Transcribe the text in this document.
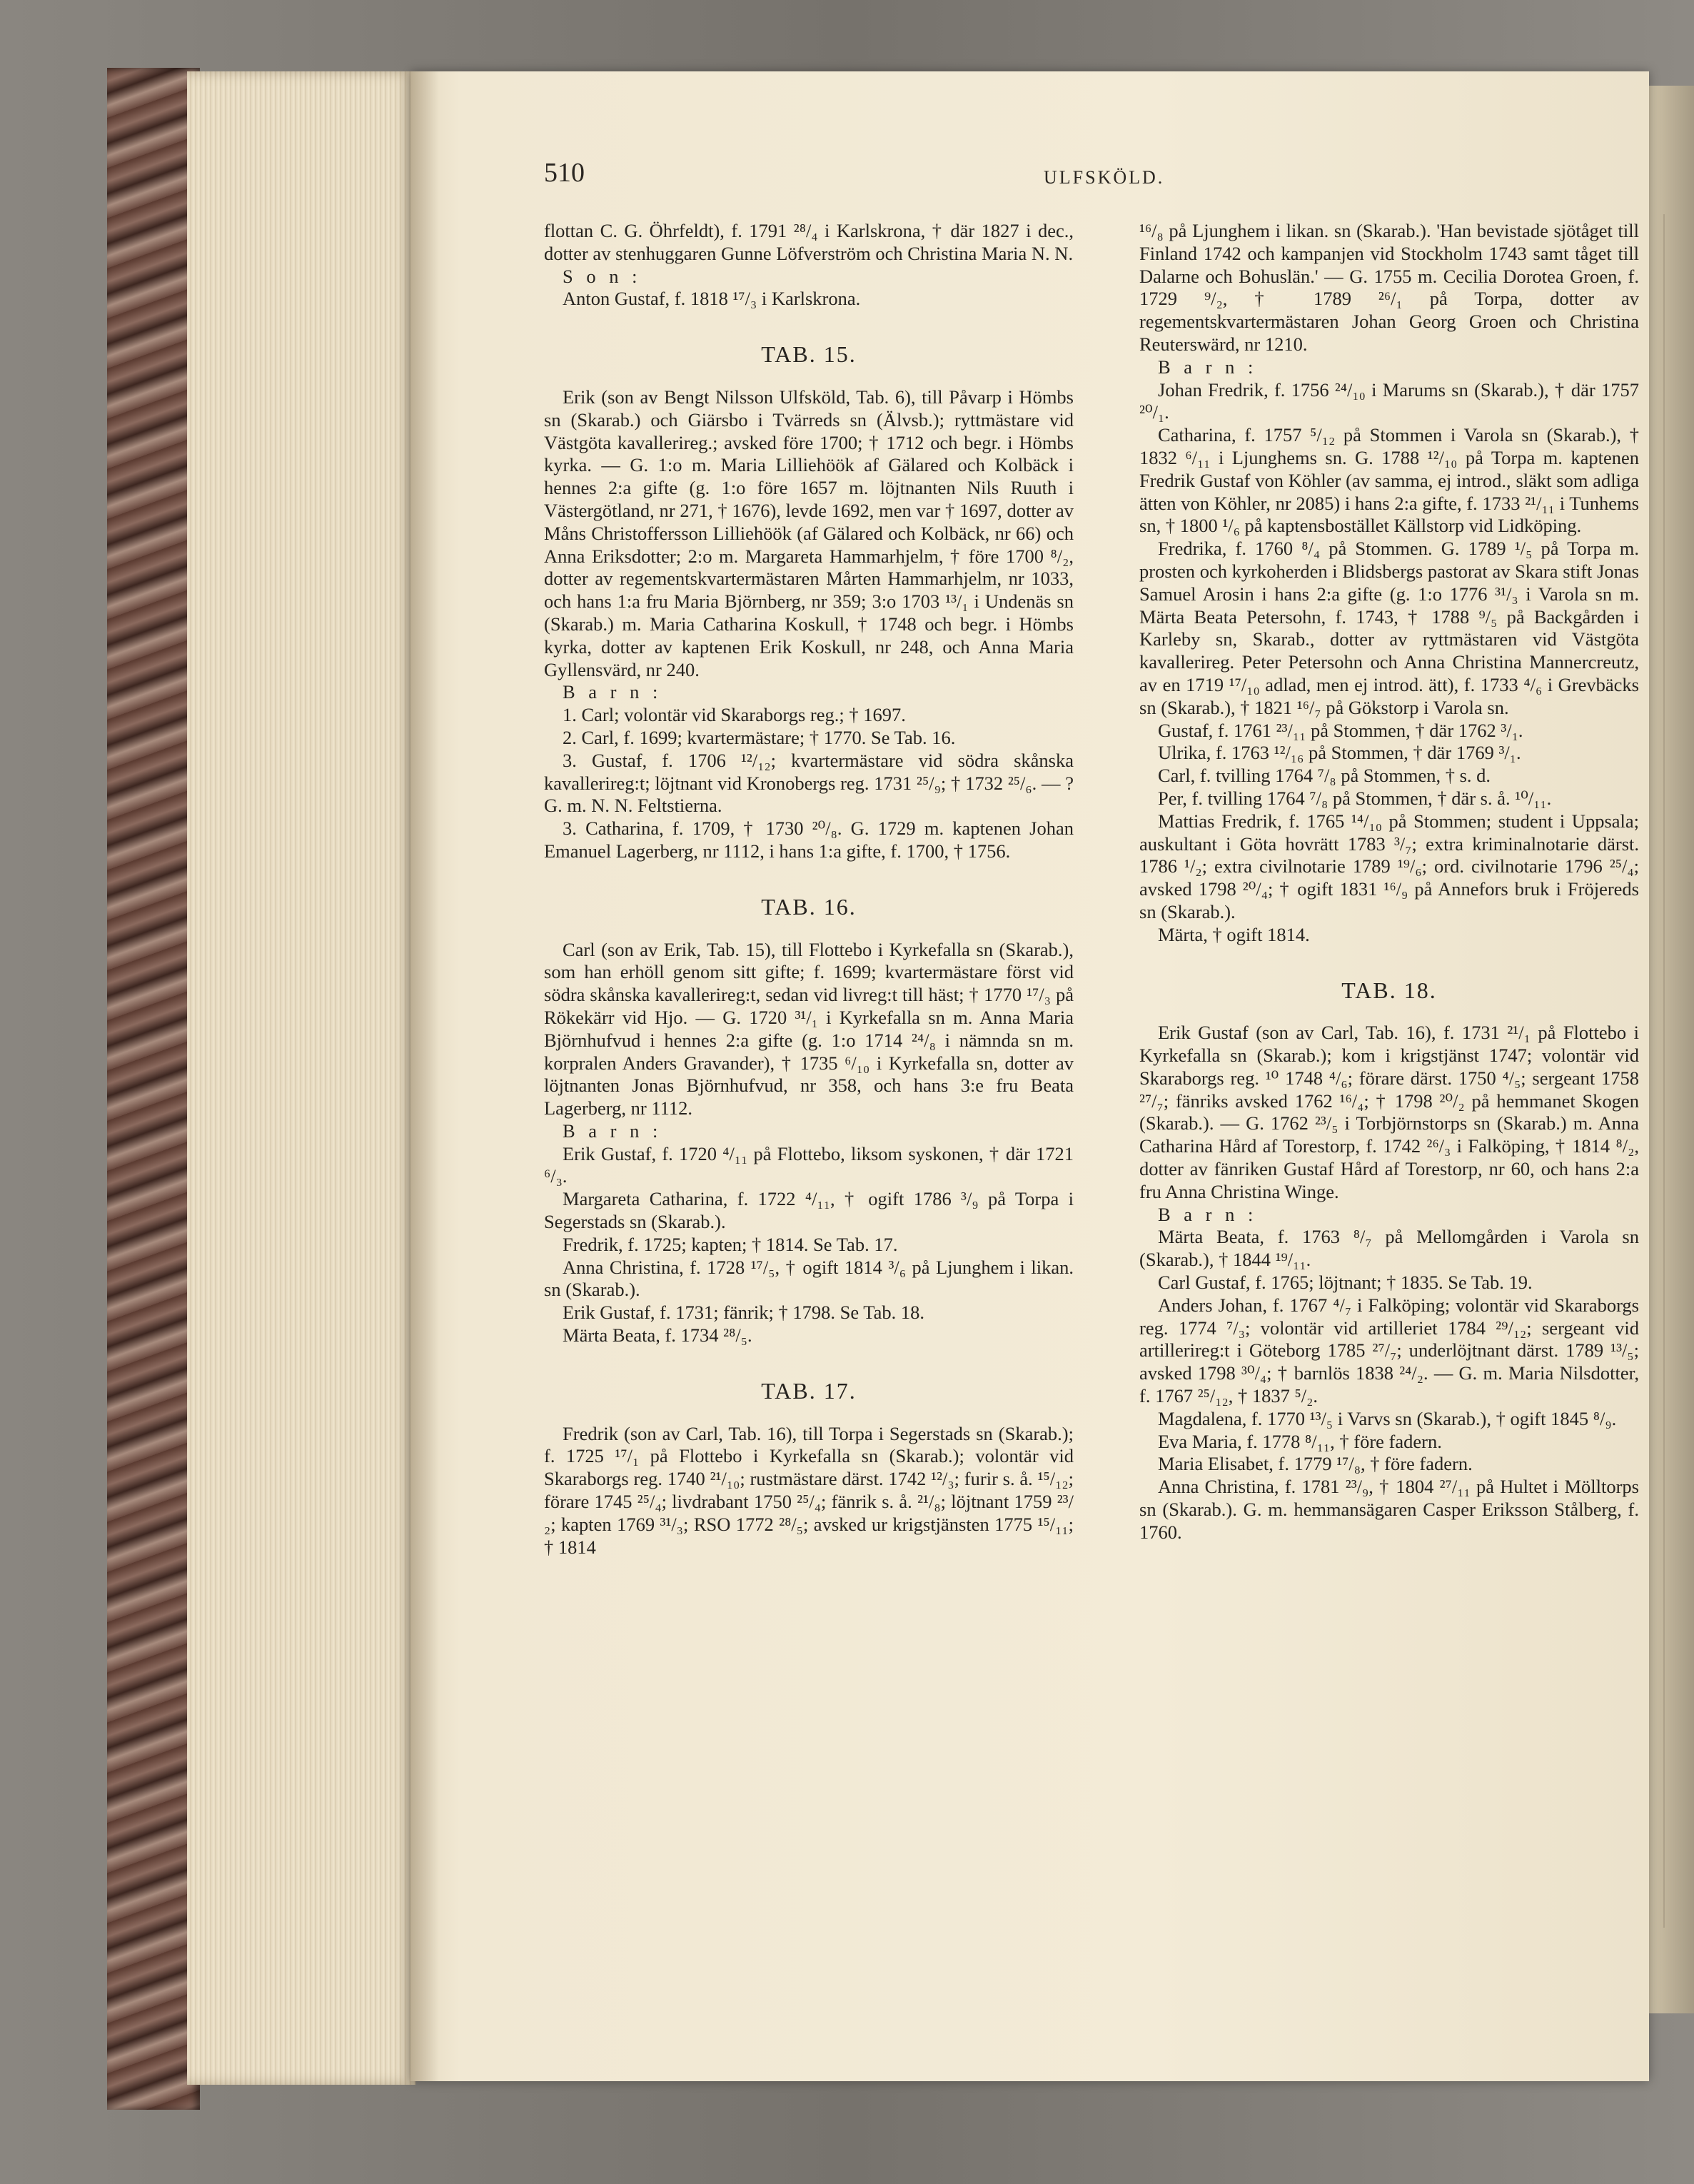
510	ULFSKÖLD.

flottan C. G. Öhrfeldt), f. 1791 ²⁸/₄ i Karlskrona, † där 1827 i dec., dotter av stenhuggaren Gunne Löfverström och Christina Maria N. N.

S o n :

Anton Gustaf, f. 1818 ¹⁷/₃ i Karlskrona.

TAB. 15.

Erik (son av Bengt Nilsson Ulfsköld, Tab. 6), till Påvarp i Hömbs sn (Skarab.) och Giärsbo i Tvärreds sn (Älvsb.); ryttmästare vid Västgöta kavallerireg.; avsked före 1700; † 1712 och begr. i Hömbs kyrka. — G. 1:o m. Maria Lilliehöök af Gälared och Kolbäck i hennes 2:a gifte (g. 1:o före 1657 m. löjtnanten Nils Ruuth i Västergötland, nr 271, † 1676), levde 1692, men var † 1697, dotter av Måns Christoffersson Lilliehöök (af Gälared och Kolbäck, nr 66) och Anna Eriksdotter; 2:o m. Margareta Hammarhjelm, † före 1700 ⁸/₂, dotter av regementskvartermästaren Mårten Hammarhjelm, nr 1033, och hans 1:a fru Maria Björnberg, nr 359; 3:o 1703 ¹³/₁ i Undenäs sn (Skarab.) m. Maria Catharina Koskull, † 1748 och begr. i Hömbs kyrka, dotter av kaptenen Erik Koskull, nr 248, och Anna Maria Gyllensvärd, nr 240.

B a r n :

1. Carl; volontär vid Skaraborgs reg.; † 1697.

2. Carl, f. 1699; kvartermästare; † 1770. Se Tab. 16.

3. Gustaf, f. 1706 ¹²/₁₂; kvartermästare vid södra skånska kavallerireg:t; löjtnant vid Kronobergs reg. 1731 ²⁵/₉; † 1732 ²⁵/₆. — ?G. m. N. N. Feltstierna.

3. Catharina, f. 1709, † 1730 ²⁰/₈. G. 1729 m. kaptenen Johan Emanuel Lagerberg, nr 1112, i hans 1:a gifte, f. 1700, † 1756.

TAB. 16.

Carl (son av Erik, Tab. 15), till Flottebo i Kyrkefalla sn (Skarab.), som han erhöll genom sitt gifte; f. 1699; kvartermästare först vid södra skånska kavallerireg:t, sedan vid livreg:t till häst; † 1770 ¹⁷/₃ på Rökekärr vid Hjo. — G. 1720 ³¹/₁ i Kyrkefalla sn m. Anna Maria Björnhufvud i hennes 2:a gifte (g. 1:o 1714 ²⁴/₈ i nämnda sn m. korpralen Anders Gravander), † 1735 ⁶/₁₀ i Kyrkefalla sn, dotter av löjtnanten Jonas Björnhufvud, nr 358, och hans 3:e fru Beata Lagerberg, nr 1112.

B a r n :

Erik Gustaf, f. 1720 ⁴/₁₁ på Flottebo, liksom syskonen, † där 1721 ⁶/₃.

Margareta Catharina, f. 1722 ⁴/₁₁, † ogift 1786 ³/₉ på Torpa i Segerstads sn (Skarab.).

Fredrik, f. 1725; kapten; † 1814. Se Tab. 17.

Anna Christina, f. 1728 ¹⁷/₅, † ogift 1814 ³/₆ på Ljunghem i likan. sn (Skarab.).

Erik Gustaf, f. 1731; fänrik; † 1798. Se Tab. 18.

Märta Beata, f. 1734 ²⁸/₅.

TAB. 17.

Fredrik (son av Carl, Tab. 16), till Torpa i Segerstads sn (Skarab.); f. 1725 ¹⁷/₁ på Flottebo i Kyrkefalla sn (Skarab.); volontär vid Skaraborgs reg. 1740 ²¹/₁₀; rustmästare därst. 1742 ¹²/₃; furir s. å. ¹⁵/₁₂; förare 1745 ²⁵/₄; livdrabant 1750 ²⁵/₄; fänrik s. å. ²¹/₈; löjtnant 1759 ²³/₂; kapten 1769 ³¹/₃; RSO 1772 ²⁸/₅; avsked ur krigstjänsten 1775 ¹⁵/₁₁; † 1814

¹⁶/₈ på Ljunghem i likan. sn (Skarab.). 'Han bevistade sjötåget till Finland 1742 och kampanjen vid Stockholm 1743 samt tåget till Dalarne och Bohuslän.' — G. 1755 m. Cecilia Dorotea Groen, f. 1729 ⁹/₂, † 1789 ²⁶/₁ på Torpa, dotter av regementskvartermästaren Johan Georg Groen och Christina Reuterswärd, nr 1210.

B a r n :

Johan Fredrik, f. 1756 ²⁴/₁₀ i Marums sn (Skarab.), † där 1757 ²⁰/₁.

Catharina, f. 1757 ⁵/₁₂ på Stommen i Varola sn (Skarab.), † 1832 ⁶/₁₁ i Ljunghems sn. G. 1788 ¹²/₁₀ på Torpa m. kaptenen Fredrik Gustaf von Köhler (av samma, ej introd., släkt som adliga ätten von Köhler, nr 2085) i hans 2:a gifte, f. 1733 ²¹/₁₁ i Tunhems sn, † 1800 ¹/₆ på kaptensbostället Källstorp vid Lidköping.

Fredrika, f. 1760 ⁸/₄ på Stommen. G. 1789 ¹/₅ på Torpa m. prosten och kyrkoherden i Blidsbergs pastorat av Skara stift Jonas Samuel Arosin i hans 2:a gifte (g. 1:o 1776 ³¹/₃ i Varola sn m. Märta Beata Petersohn, f. 1743, † 1788 ⁹/₅ på Backgården i Karleby sn, Skarab., dotter av ryttmästaren vid Västgöta kavallerireg. Peter Petersohn och Anna Christina Mannercreutz, av en 1719 ¹⁷/₁₀ adlad, men ej introd. ätt), f. 1733 ⁴/₆ i Grevbäcks sn (Skarab.), † 1821 ¹⁶/₇ på Gökstorp i Varola sn.

Gustaf, f. 1761 ²³/₁₁ på Stommen, † där 1762 ³/₁.

Ulrika, f. 1763 ¹²/₁₆ på Stommen, † där 1769 ³/₁.

Carl, f. tvilling 1764 ⁷/₈ på Stommen, † s. d.

Per, f. tvilling 1764 ⁷/₈ på Stommen, † där s. å. ¹⁰/₁₁.

Mattias Fredrik, f. 1765 ¹⁴/₁₀ på Stommen; student i Uppsala; auskultant i Göta hovrätt 1783 ³/₇; extra kriminalnotarie därst. 1786 ¹/₂; extra civilnotarie 1789 ¹⁹/₆; ord. civilnotarie 1796 ²⁵/₄; avsked 1798 ²⁰/₄; † ogift 1831 ¹⁶/₉ på Annefors bruk i Fröjereds sn (Skarab.).

Märta, † ogift 1814.

TAB. 18.

Erik Gustaf (son av Carl, Tab. 16), f. 1731 ²¹/₁ på Flottebo i Kyrkefalla sn (Skarab.); kom i krigstjänst 1747; volontär vid Skaraborgs reg. ¹⁰ 1748 ⁴/₆; förare därst. 1750 ⁴/₅; sergeant 1758 ²⁷/₇; fänriks avsked 1762 ¹⁶/₄; † 1798 ²⁰/₂ på hemmanet Skogen (Skarab.). — G. 1762 ²³/₅ i Torbjörnstorps sn (Skarab.) m. Anna Catharina Hård af Torestorp, f. 1742 ²⁶/₃ i Falköping, † 1814 ⁸/₂, dotter av fänriken Gustaf Hård af Torestorp, nr 60, och hans 2:a fru Anna Christina Winge.

B a r n :

Märta Beata, f. 1763 ⁸/₇ på Mellomgården i Varola sn (Skarab.), † 1844 ¹⁹/₁₁.

Carl Gustaf, f. 1765; löjtnant; † 1835. Se Tab. 19.

Anders Johan, f. 1767 ⁴/₇ i Falköping; volontär vid Skaraborgs reg. 1774 ⁷/₃; volontär vid artilleriet 1784 ²⁹/₁₂; sergeant vid artillerireg:t i Göteborg 1785 ²⁷/₇; underlöjtnant därst. 1789 ¹³/₅; avsked 1798 ³⁰/₄; † barnlös 1838 ²⁴/₂. — G. m. Maria Nilsdotter, f. 1767 ²⁵/₁₂, † 1837 ⁵/₂.

Magdalena, f. 1770 ¹³/₅ i Varvs sn (Skarab.), † ogift 1845 ⁸/₉.

Eva Maria, f. 1778 ⁸/₁₁, † före fadern.

Maria Elisabet, f. 1779 ¹⁷/₈, † före fadern.

Anna Christina, f. 1781 ²³/₉, † 1804 ²⁷/₁₁ på Hultet i Mölltorps sn (Skarab.). G. m. hemmansägaren Casper Eriksson Stålberg, f. 1760.
